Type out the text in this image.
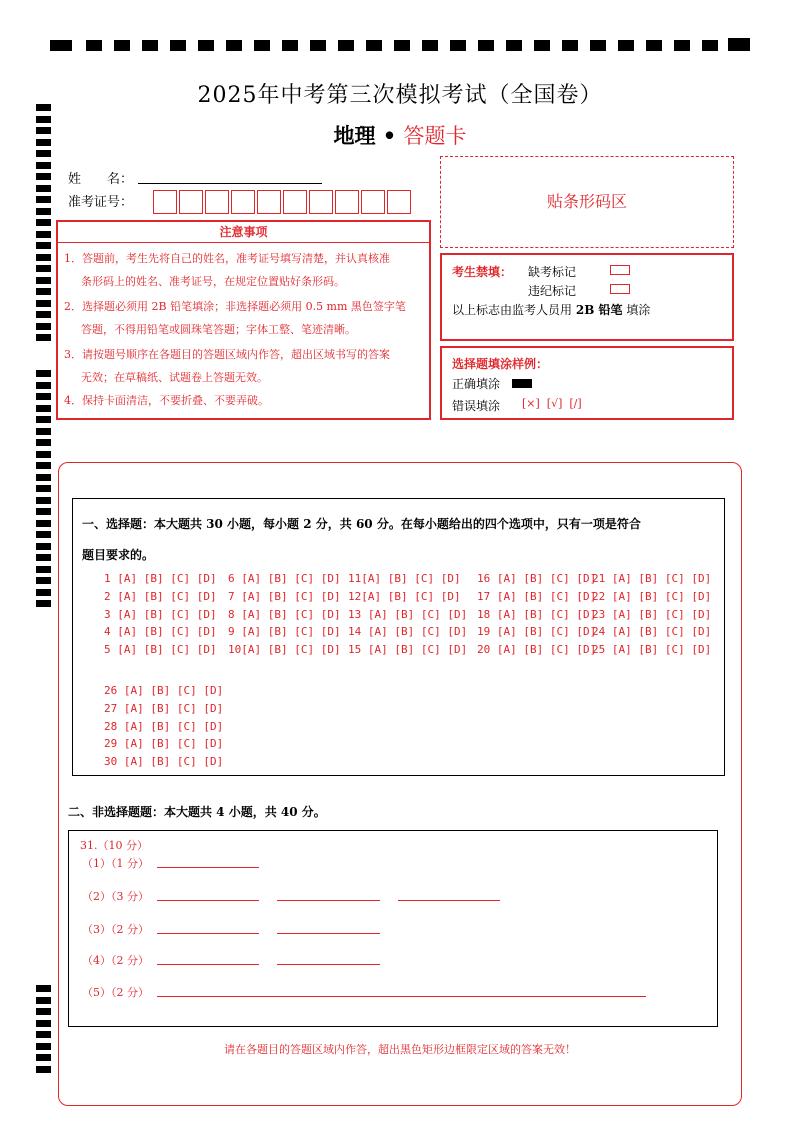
2025年中考第三次模拟考试（全国卷）
地理 • 答题卡
姓　　名：
准考证号：	贴条形码区
注意事项
1．答题前，考生先将自己的姓名，准考证号填写清楚，并认真核准
条形码上的姓名、准考证号，在规定位置贴好条形码。
2．选择题必须用 2B 铅笔填涂；非选择题必须用 0.5 mm 黑色签字笔
答题，不得用铅笔或圆珠笔答题；字体工整、笔迹清晰。
3．请按题号顺序在各题目的答题区域内作答，超出区域书写的答案
无效；在草稿纸、试题卷上答题无效。
4．保持卡面清洁，不要折叠、不要弄破。
考生禁填： 缺考标记
违纪标记
以上标志由监考人员用 2B 铅笔 填涂
选择题填涂样例：
正确填涂
错误填涂 [×]  [√]  [/]
一、选择题：本大题共 30 小题，每小题 2 分，共 60 分。在每小题给出的四个选项中，只有一项是符合
题目要求的。
1 [A] [B] [C] [D]
2 [A] [B] [C] [D]
3 [A] [B] [C] [D]
4 [A] [B] [C] [D]
5 [A] [B] [C] [D]
6 [A] [B] [C] [D]
7 [A] [B] [C] [D]
8 [A] [B] [C] [D]
9 [A] [B] [C] [D]
10[A] [B] [C] [D]
11[A] [B] [C] [D]
12[A] [B] [C] [D]
13 [A] [B] [C] [D]
14 [A] [B] [C] [D]
15 [A] [B] [C] [D]
16 [A] [B] [C] [D]
17 [A] [B] [C] [D]
18 [A] [B] [C] [D]
19 [A] [B] [C] [D]
20 [A] [B] [C] [D]
21 [A] [B] [C] [D]
22 [A] [B] [C] [D]
23 [A] [B] [C] [D]
24 [A] [B] [C] [D]
25 [A] [B] [C] [D]
26 [A] [B] [C] [D]
27 [A] [B] [C] [D]
28 [A] [B] [C] [D]
29 [A] [B] [C] [D]
30 [A] [B] [C] [D]
二、非选择题题：本大题共 4 小题，共 40 分。
31.（10 分）
（1）（1 分）
（2）（3 分）
（3）（2 分）
（4）（2 分）
（5）（2 分）
请在各题目的答题区域内作答，超出黑色矩形边框限定区域的答案无效！
